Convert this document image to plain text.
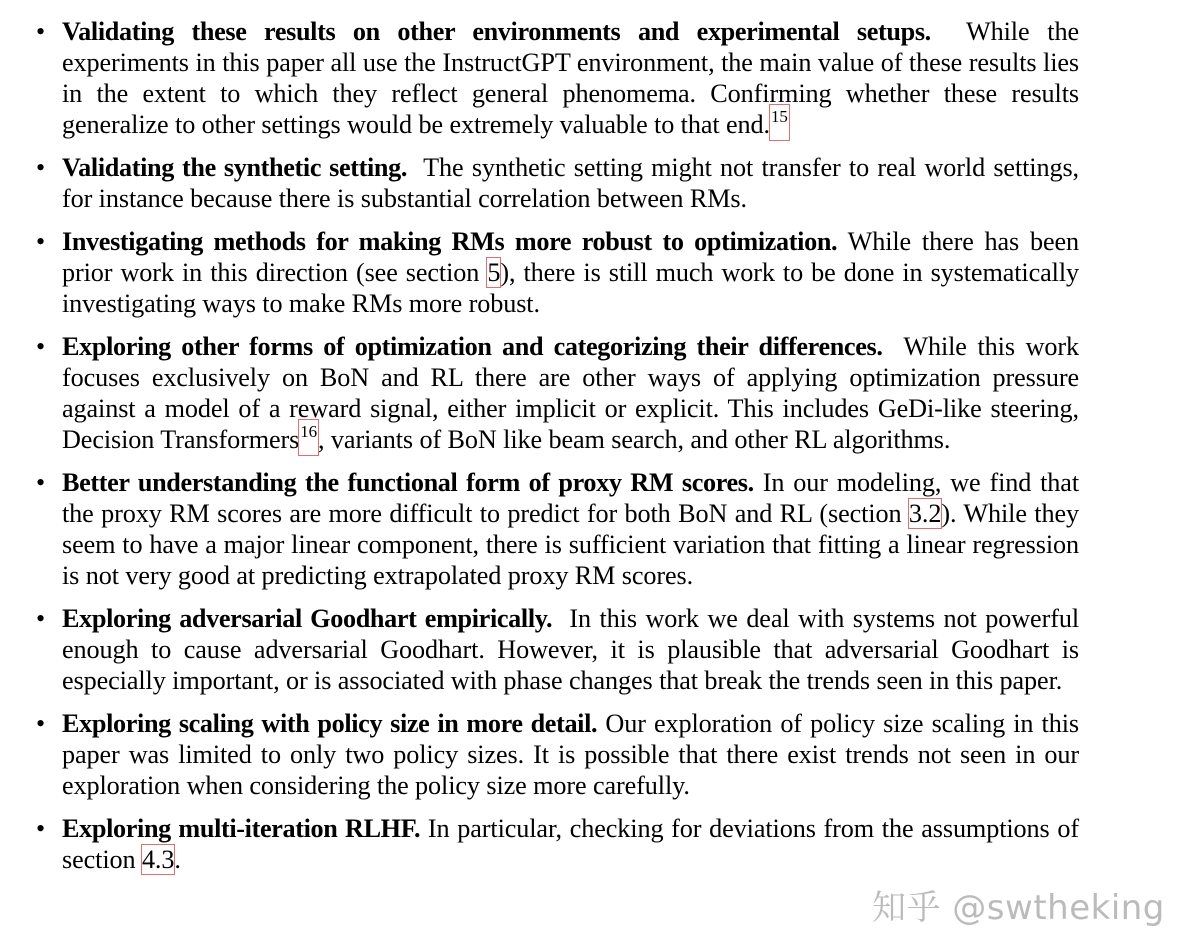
• Validating these results on other environments and experimental setups. While the experiments in this paper all use the InstructGPT environment, the main value of these results lies in the extent to which they reflect general phenomema. Confirming whether these results generalize to other settings would be extremely valuable to that end.$^{15}$
• Validating the synthetic setting. The synthetic setting might not transfer to real world settings, for instance because there is substantial correlation between RMs.
• Investigating methods for making RMs more robust to optimization. While there has been prior work in this direction (see section 5), there is still much work to be done in systematically investigating ways to make RMs more robust.
• Exploring other forms of optimization and categorizing their differences. While this work focuses exclusively on BoN and RL there are other ways of applying optimization pressure against a model of a reward signal, either implicit or explicit. This includes GeDi-like steering, Decision Transformers$^{16}$, variants of BoN like beam search, and other RL algorithms.
• Better understanding the functional form of proxy RM scores. In our modeling, we find that the proxy RM scores are more difficult to predict for both BoN and RL (section 3.2). While they seem to have a major linear component, there is sufficient variation that fitting a linear regression is not very good at predicting extrapolated proxy RM scores.
• Exploring adversarial Goodhart empirically. In this work we deal with systems not powerful enough to cause adversarial Goodhart. However, it is plausible that adversarial Goodhart is especially important, or is associated with phase changes that break the trends seen in this paper.
• Exploring scaling with policy size in more detail. Our exploration of policy size scaling in this paper was limited to only two policy sizes. It is possible that there exist trends not seen in our exploration when considering the policy size more carefully.
• Exploring multi-iteration RLHF. In particular, checking for deviations from the assumptions of section 4.3.
知乎 @swtheking
